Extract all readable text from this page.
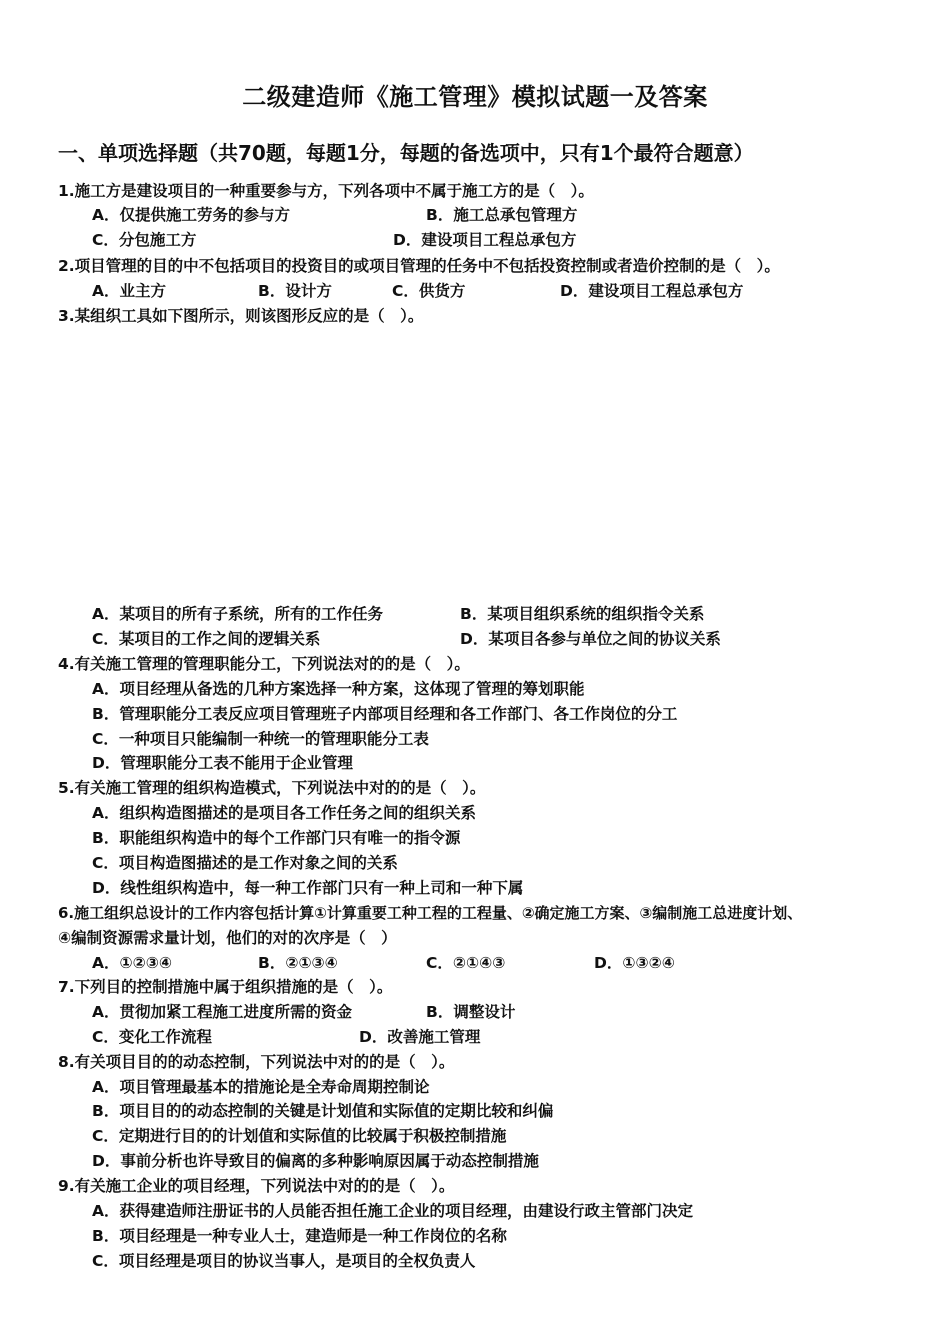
二级建造师《施工管理》模拟试题一及答案
一、单项选择题（共70题，每题1分，每题的备选项中，只有1个最符合题意）
1.施工方是建设项目的一种重要参与方，下列各项中不属于施工方的是（　）。
A．仅提供施工劳务的参与方	B．施工总承包管理方
C．分包施工方	D．建设项目工程总承包方
2.项目管理的目的中不包括项目的投资目的或项目管理的任务中不包括投资控制或者造价控制的是（　）。
A．业主方	B．设计方	C．供货方	D．建设项目工程总承包方
3.某组织工具如下图所示，则该图形反应的是（　）。
A．某项目的所有子系统，所有的工作任务	B．某项目组织系统的组织指令关系
C．某项目的工作之间的逻辑关系	D．某项目各参与单位之间的协议关系
4.有关施工管理的管理职能分工，下列说法对的的是（　）。
A．项目经理从备选的几种方案选择一种方案，这体现了管理的筹划职能
B．管理职能分工表反应项目管理班子内部项目经理和各工作部门、各工作岗位的分工
C．一种项目只能编制一种统一的管理职能分工表
D．管理职能分工表不能用于企业管理
5.有关施工管理的组织构造模式，下列说法中对的的是（　）。
A．组织构造图描述的是项目各工作任务之间的组织关系
B．职能组织构造中的每个工作部门只有唯一的指令源
C．项目构造图描述的是工作对象之间的关系
D．线性组织构造中，每一种工作部门只有一种上司和一种下属
6.施工组织总设计的工作内容包括计算①计算重要工种工程的工程量、②确定施工方案、③编制施工总进度计划、
④编制资源需求量计划，他们的对的次序是（　）
A．①②③④	B．②①③④	C．②①④③	D．①③②④
7.下列目的控制措施中属于组织措施的是（　）。
A．贯彻加紧工程施工进度所需的资金	B．调整设计
C．变化工作流程	D．改善施工管理
8.有关项目目的的动态控制，下列说法中对的的是（　）。
A．项目管理最基本的措施论是全寿命周期控制论
B．项目目的的动态控制的关键是计划值和实际值的定期比较和纠偏
C．定期进行目的的计划值和实际值的比较属于积极控制措施
D．事前分析也许导致目的偏离的多种影响原因属于动态控制措施
9.有关施工企业的项目经理，下列说法中对的的是（　）。
A．获得建造师注册证书的人员能否担任施工企业的项目经理，由建设行政主管部门决定
B．项目经理是一种专业人士，建造师是一种工作岗位的名称
C．项目经理是项目的协议当事人，是项目的全权负责人
